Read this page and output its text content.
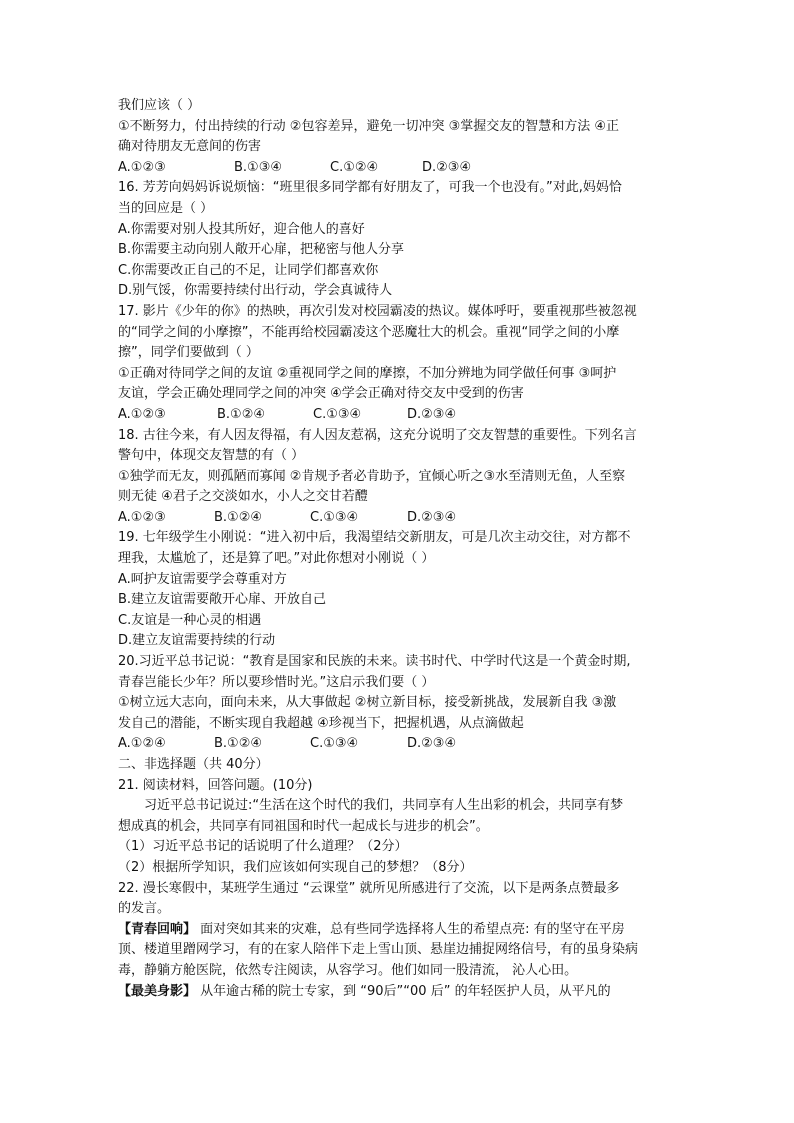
我们应该（ ）
①不断努力，付出持续的行动 ②包容差异，避免一切冲突 ③掌握交友的智慧和方法 ④正
确对待朋友无意间的伤害
A.①②③	B.①③④	C.①②④	D.②③④
16. 芳芳向妈妈诉说烦恼：“班里很多同学都有好朋友了，可我一个也没有。”对此,妈妈恰
当的回应是（ ）
A.你需要对别人投其所好，迎合他人的喜好
B.你需要主动向别人敞开心扉，把秘密与他人分享
C.你需要改正自己的不足，让同学们都喜欢你
D.别气馁，你需要持续付出行动，学会真诚待人
17. 影片《少年的你》的热映，再次引发对校园霸凌的热议。媒体呼吁，要重视那些被忽视
的“同学之间的小摩擦”，不能再给校园霸凌这个恶魔壮大的机会。重视“同学之间的小摩
擦”，同学们要做到（ ）
①正确对待同学之间的友谊 ②重视同学之间的摩擦，不加分辨地为同学做任何事 ③呵护
友谊，学会正确处理同学之间的冲突 ④学会正确对待交友中受到的伤害
A.①②③	B.①②④	C.①③④	D.②③④
18. 古往今来，有人因友得福，有人因友惹祸，这充分说明了交友智慧的重要性。下列名言
警句中，体现交友智慧的有（ ）
①独学而无友，则孤陋而寡闻 ②肯规予者必肯助予，宜倾心听之③水至清则无鱼，人至察
则无徒 ④君子之交淡如水，小人之交甘若醴
A.①②③	B.①②④	C.①③④	D.②③④
19. 七年级学生小刚说：“进入初中后，我渴望结交新朋友，可是几次主动交往，对方都不
理我，太尴尬了，还是算了吧。”对此你想对小刚说（ ）
A.呵护友谊需要学会尊重对方
B.建立友谊需要敞开心扉、开放自己
C.友谊是一种心灵的相遇
D.建立友谊需要持续的行动
20.习近平总书记说：“教育是国家和民族的未来。读书时代、中学时代这是一个黄金时期,
青春岂能长少年？所以要珍惜时光。”这启示我们要（ ）
①树立远大志向，面向未来，从大事做起 ②树立新目标，接受新挑战，发展新自我 ③激
发自己的潜能，不断实现自我超越 ④珍视当下，把握机遇，从点滴做起
A.①②④	B.①②④	C.①③④	D.②③④
二、非选择题（共 40分）
21. 阅读材料，回答问题。(10分)
习近平总书记说过:“生活在这个时代的我们，共同享有人生出彩的机会，共同享有梦
想成真的机会，共同享有同祖国和时代一起成长与进步的机会”。
（1）习近平总书记的话说明了什么道理？（2分）
（2）根据所学知识，我们应该如何实现自己的梦想？（8分）
22. 漫长寒假中，某班学生通过 “云课堂” 就所见所感进行了交流，以下是两条点赞最多
的发言。
【青春回响】 面对突如其来的灾难，总有些同学选择将人生的希望点亮: 有的坚守在平房
顶、楼道里蹭网学习，有的在家人陪伴下走上雪山顶、悬崖边捕捉网络信号，有的虽身染病
毒，静躺方舱医院，依然专注阅读，从容学习。他们如同一股清流， 沁人心田。
【最美身影】 从年逾古稀的院士专家，到 “90后”“00 后” 的年轻医护人员，从平凡的
